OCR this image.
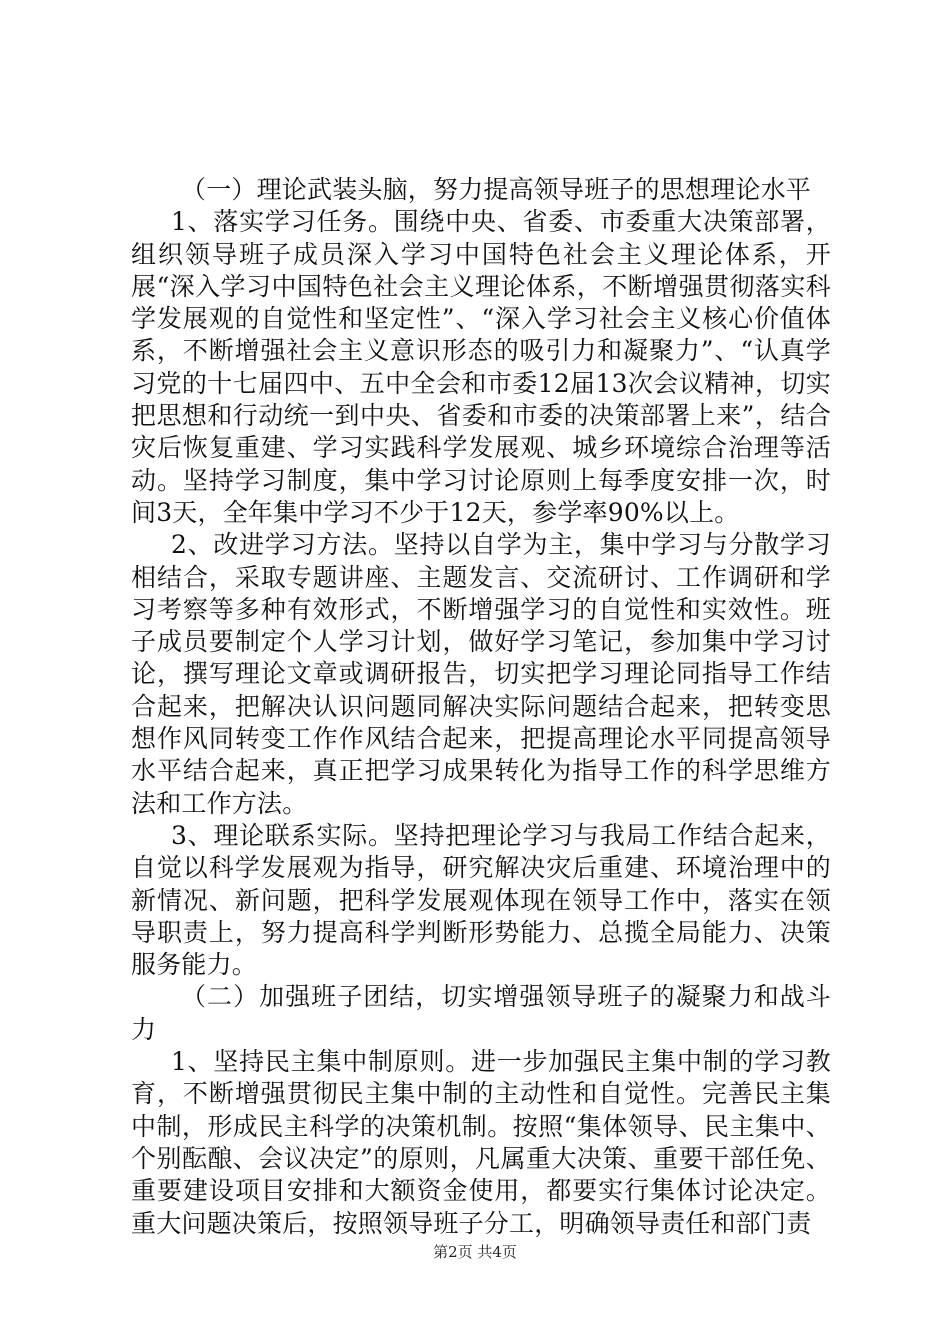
（一）理论武装头脑，努力提高领导班子的思想理论水平

1、落实学习任务。围绕中央、省委、市委重大决策部署，组织领导班子成员深入学习中国特色社会主义理论体系，开展“深入学习中国特色社会主义理论体系，不断增强贯彻落实科学发展观的自觉性和坚定性”、“深入学习社会主义核心价值体系，不断增强社会主义意识形态的吸引力和凝聚力”、“认真学习党的十七届四中、五中全会和市委12届13次会议精神，切实把思想和行动统一到中央、省委和市委的决策部署上来”，结合灾后恢复重建、学习实践科学发展观、城乡环境综合治理等活动。坚持学习制度，集中学习讨论原则上每季度安排一次，时间3天，全年集中学习不少于12天，参学率90%以上。

2、改进学习方法。坚持以自学为主，集中学习与分散学习相结合，采取专题讲座、主题发言、交流研讨、工作调研和学习考察等多种有效形式，不断增强学习的自觉性和实效性。班子成员要制定个人学习计划，做好学习笔记，参加集中学习讨论，撰写理论文章或调研报告，切实把学习理论同指导工作结合起来，把解决认识问题同解决实际问题结合起来，把转变思想作风同转变工作作风结合起来，把提高理论水平同提高领导水平结合起来，真正把学习成果转化为指导工作的科学思维方法和工作方法。

3、理论联系实际。坚持把理论学习与我局工作结合起来，自觉以科学发展观为指导，研究解决灾后重建、环境治理中的新情况、新问题，把科学发展观体现在领导工作中，落实在领导职责上，努力提高科学判断形势能力、总揽全局能力、决策服务能力。

（二）加强班子团结，切实增强领导班子的凝聚力和战斗力

1、坚持民主集中制原则。进一步加强民主集中制的学习教育，不断增强贯彻民主集中制的主动性和自觉性。完善民主集中制，形成民主科学的决策机制。按照“集体领导、民主集中、个别酝酿、会议决定”的原则，凡属重大决策、重要干部任免、重要建设项目安排和大额资金使用，都要实行集体讨论决定。重大问题决策后，按照领导班子分工，明确领导责任和部门责

第2页 共4页
